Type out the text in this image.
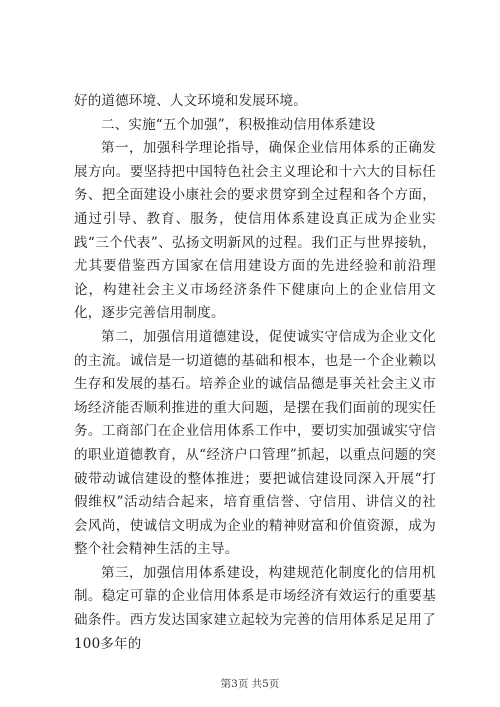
好的道德环境、人文环境和发展环境。

二、实施“五个加强”，积极推动信用体系建设

第一，加强科学理论指导，确保企业信用体系的正确发展方向。要坚持把中国特色社会主义理论和十六大的目标任务、把全面建设小康社会的要求贯穿到全过程和各个方面，通过引导、教育、服务，使信用体系建设真正成为企业实践“三个代表”、弘扬文明新风的过程。我们正与世界接轨，尤其要借鉴西方国家在信用建设方面的先进经验和前沿理论，构建社会主义市场经济条件下健康向上的企业信用文化，逐步完善信用制度。

第二，加强信用道德建设，促使诚实守信成为企业文化的主流。诚信是一切道德的基础和根本，也是一个企业赖以生存和发展的基石。培养企业的诚信品德是事关社会主义市场经济能否顺利推进的重大问题，是摆在我们面前的现实任务。工商部门在企业信用体系工作中，要切实加强诚实守信的职业道德教育，从“经济户口管理”抓起，以重点问题的突破带动诚信建设的整体推进；要把诚信建设同深入开展“打假维权”活动结合起来，培育重信誉、守信用、讲信义的社会风尚，使诚信文明成为企业的精神财富和价值资源，成为整个社会精神生活的主导。

第三，加强信用体系建设，构建规范化制度化的信用机制。稳定可靠的企业信用体系是市场经济有效运行的重要基础条件。西方发达国家建立起较为完善的信用体系足足用了100多年的

第3页 共5页
